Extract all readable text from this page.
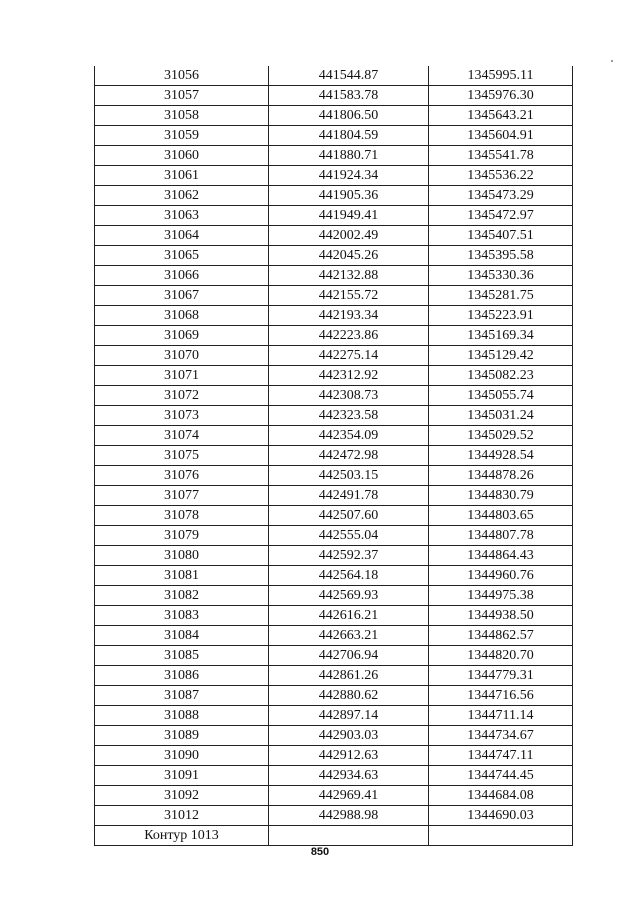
31056	441544.87	1345995.11
31057	441583.78	1345976.30
31058	441806.50	1345643.21
31059	441804.59	1345604.91
31060	441880.71	1345541.78
31061	441924.34	1345536.22
31062	441905.36	1345473.29
31063	441949.41	1345472.97
31064	442002.49	1345407.51
31065	442045.26	1345395.58
31066	442132.88	1345330.36
31067	442155.72	1345281.75
31068	442193.34	1345223.91
31069	442223.86	1345169.34
31070	442275.14	1345129.42
31071	442312.92	1345082.23
31072	442308.73	1345055.74
31073	442323.58	1345031.24
31074	442354.09	1345029.52
31075	442472.98	1344928.54
31076	442503.15	1344878.26
31077	442491.78	1344830.79
31078	442507.60	1344803.65
31079	442555.04	1344807.78
31080	442592.37	1344864.43
31081	442564.18	1344960.76
31082	442569.93	1344975.38
31083	442616.21	1344938.50
31084	442663.21	1344862.57
31085	442706.94	1344820.70
31086	442861.26	1344779.31
31087	442880.62	1344716.56
31088	442897.14	1344711.14
31089	442903.03	1344734.67
31090	442912.63	1344747.11
31091	442934.63	1344744.45
31092	442969.41	1344684.08
31012	442988.98	1344690.03
Контур 1013		
850
